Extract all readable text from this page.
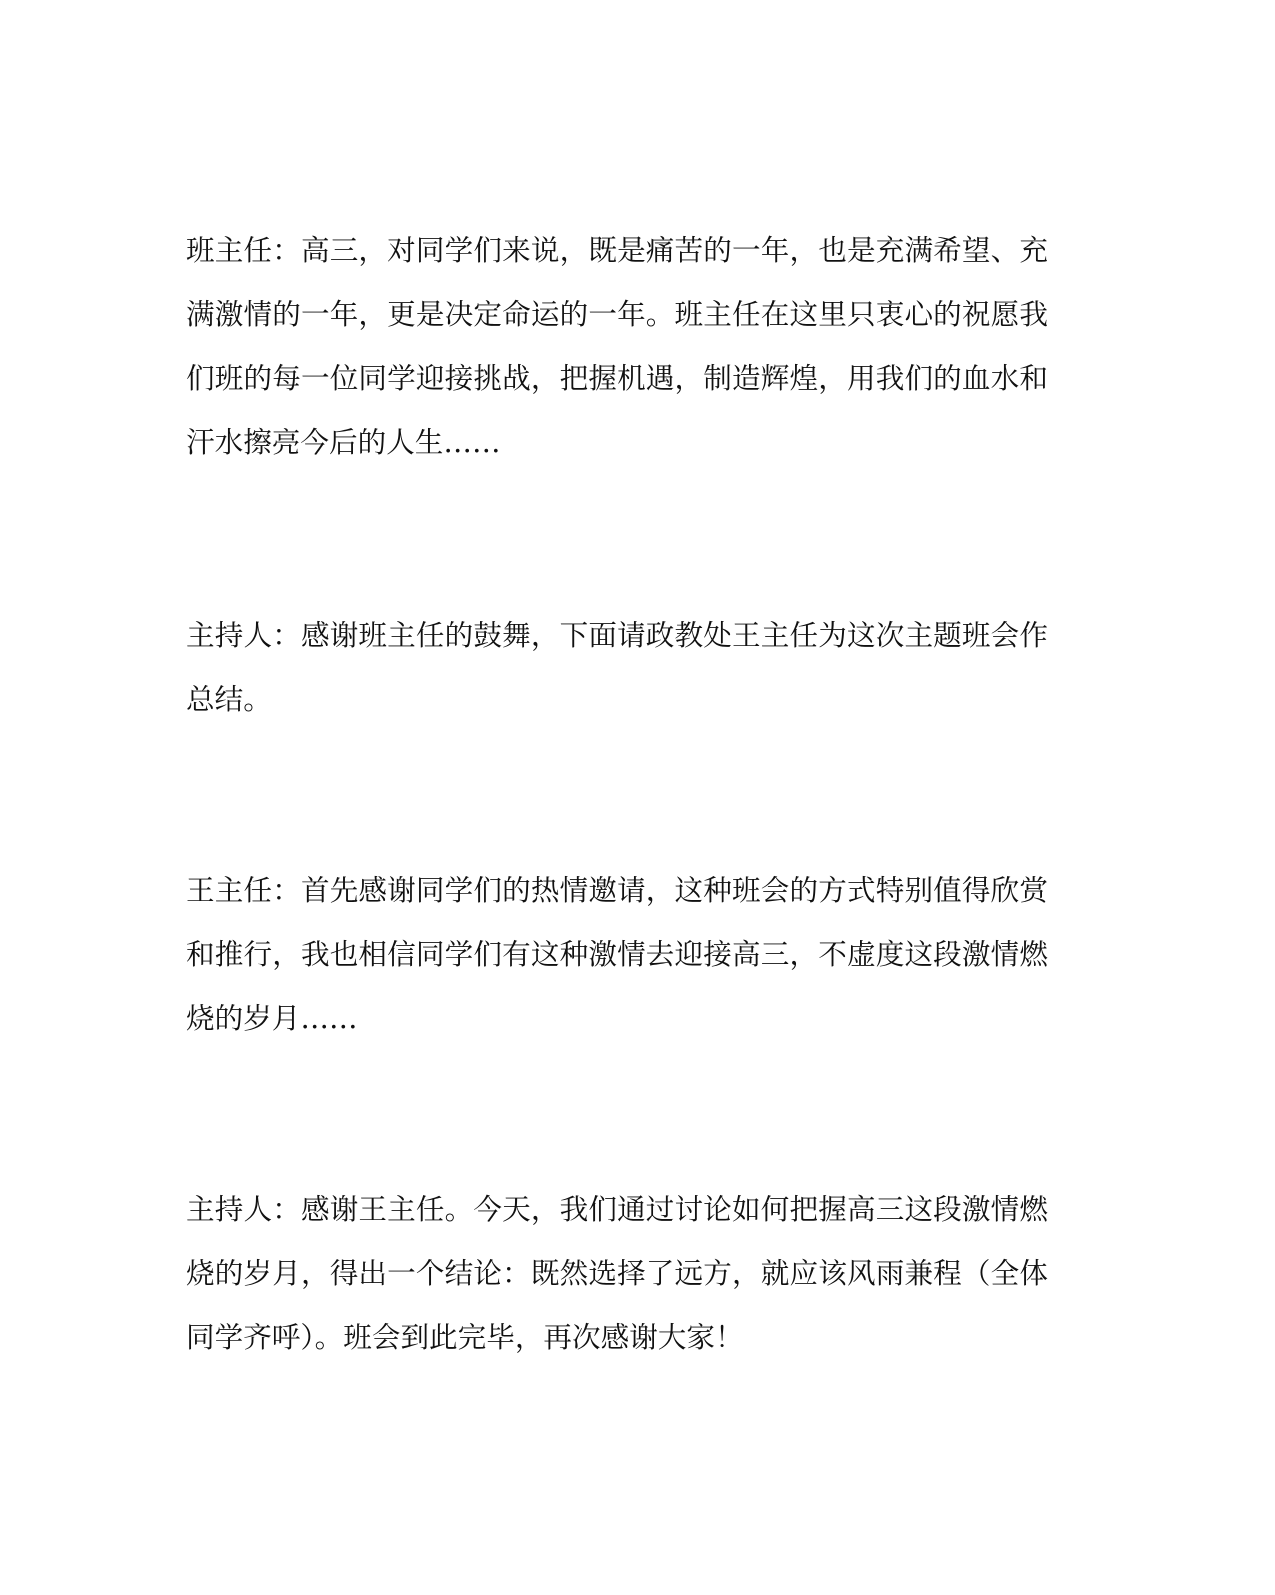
班主任：高三，对同学们来说，既是痛苦的一年，也是充满希望、充满激情的一年，更是决定命运的一年。班主任在这里只衷心的祝愿我们班的每一位同学迎接挑战，把握机遇，制造辉煌，用我们的血水和汗水擦亮今后的人生……

主持人：感谢班主任的鼓舞，下面请政教处王主任为这次主题班会作总结。

王主任：首先感谢同学们的热情邀请，这种班会的方式特别值得欣赏和推行，我也相信同学们有这种激情去迎接高三，不虚度这段激情燃烧的岁月……

主持人：感谢王主任。今天，我们通过讨论如何把握高三这段激情燃烧的岁月，得出一个结论：既然选择了远方，就应该风雨兼程（全体同学齐呼）。班会到此完毕，再次感谢大家！
